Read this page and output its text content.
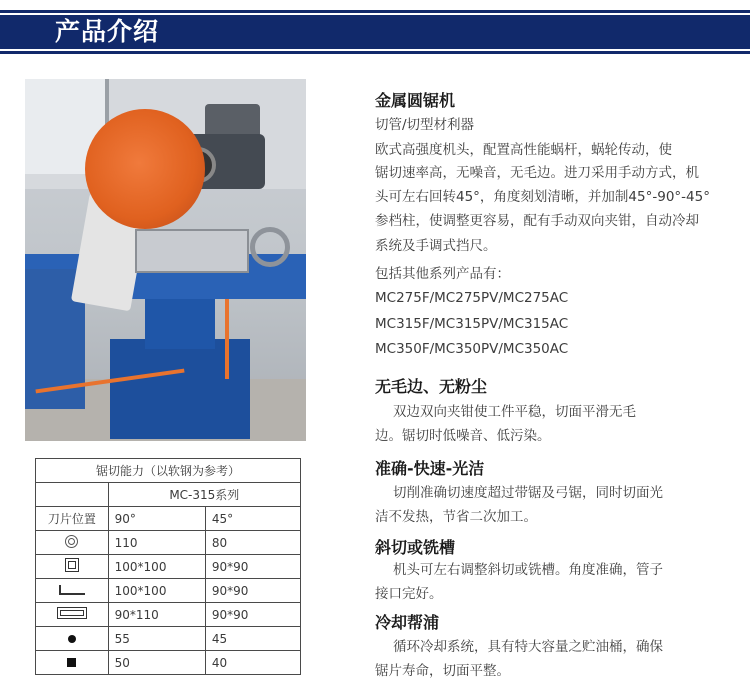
产品介绍
锯切能力（以软钢为参考）		
	MC-315系列	
刀片位置	90°	45°
	110	80
	100*100	90*90
	100*100	90*90
	90*110	90*90
	55	45
	50	40
金属圆锯机
切管/切型材利器
欧式高强度机头，配置高性能蜗杆，蜗轮传动，使
锯切速率高，无噪音，无毛边。进刀采用手动方式，机
头可左右回转45°，角度刻划清晰，并加制45°-90°-45°
参档柱，使调整更容易，配有手动双向夹钳，自动冷却
系统及手调式挡尺。
包括其他系列产品有：
MC275F/MC275PV/MC275AC
MC315F/MC315PV/MC315AC
MC350F/MC350PV/MC350AC
无毛边、无粉尘
双边双向夹钳使工件平稳，切面平滑无毛
边。锯切时低噪音、低污染。
准确-快速-光洁
切削准确切速度超过带锯及弓锯，同时切面光
洁不发热，节省二次加工。
斜切或铣槽
机头可左右调整斜切或铣槽。角度准确，管子
接口完好。
冷却帮浦
循环冷却系统，具有特大容量之贮油桶，确保
锯片寿命，切面平整。
